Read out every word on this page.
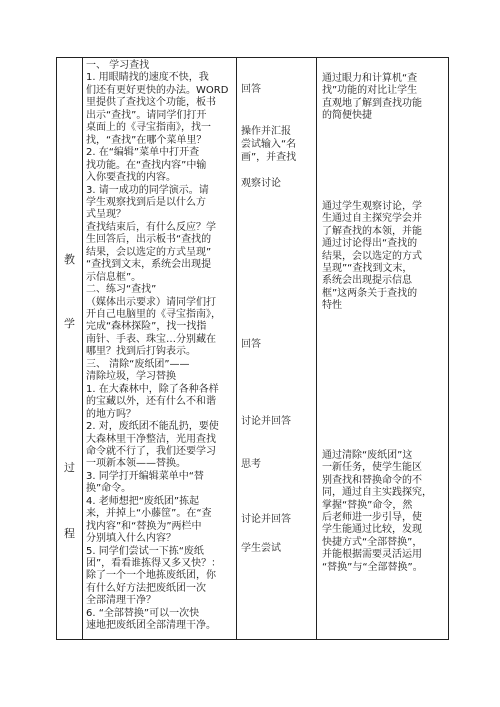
教
学
过
程
一、 学习查找
1. 用眼睛找的速度不快，我
们还有更好更快的办法。WORD
里提供了查找这个功能，板书
出示“查找”。请同学们打开
桌面上的《寻宝指南》，找一
找，“查找”在哪个菜单里？
2. 在“编辑”菜单中打开查
找功能。在“查找内容”中输
入你要查找的内容。
3. 请一成功的同学演示。请
学生观察找到后是以什么方
式呈现？
查找结束后，有什么反应？学
生回答后，出示板书“查找的
结果，会以选定的方式呈现”
“查找到文末，系统会出现提
示信息框”。
二、练习“查找”
（媒体出示要求）请同学们打
开自己电脑里的《寻宝指南》，
完成“森林探险”，找一找指
南针、手表、珠宝…分别藏在
哪里？找到后打钩表示。
三、 清除“废纸团”——
清除垃圾，学习替换
1. 在大森林中，除了各种各样
的宝藏以外，还有什么不和谐
的地方吗？
2. 对，废纸团不能乱扔，要使
大森林里干净整洁，光用查找
命令就不行了，我们还要学习
一项新本领——替换。
3. 同学打开编辑菜单中“替
换”命令。
4. 老师想把“废纸团”拣起
来，并掉上“小藤筐”。在“查
找内容”和“替换为”两栏中
分别填入什么内容？
5. 同学们尝试一下拣“废纸
团”，看看谁拣得又多又快？：
除了一个一个地拣废纸团，你
有什么好方法把废纸团一次
全部清理干净？
6. “全部替换”可以一次快
速地把废纸团全部清理干净。
回答
操作并汇报
尝试输入“名
画”，并查找
观察讨论
回答
讨论并回答
思考
讨论并回答
学生尝试
通过眼力和计算机“查
找”功能的对比让学生
直观地了解到查找功能
的简便快捷
通过学生观察讨论，学
生通过自主探究学会并
了解查找的本领，并能
通过讨论得出“查找的
结果，会以选定的方式
呈现”“查找到文末，
系统会出现提示信息
框”这两条关于查找的
特性
通过清除“废纸团”这
一新任务，使学生能区
别查找和替换命令的不
同，通过自主实践探究，
掌握“替换”命令，然
后老师进一步引导，使
学生能通过比较，发现
快捷方式“全部替换”，
并能根据需要灵活运用
“替换”与“全部替换”。
